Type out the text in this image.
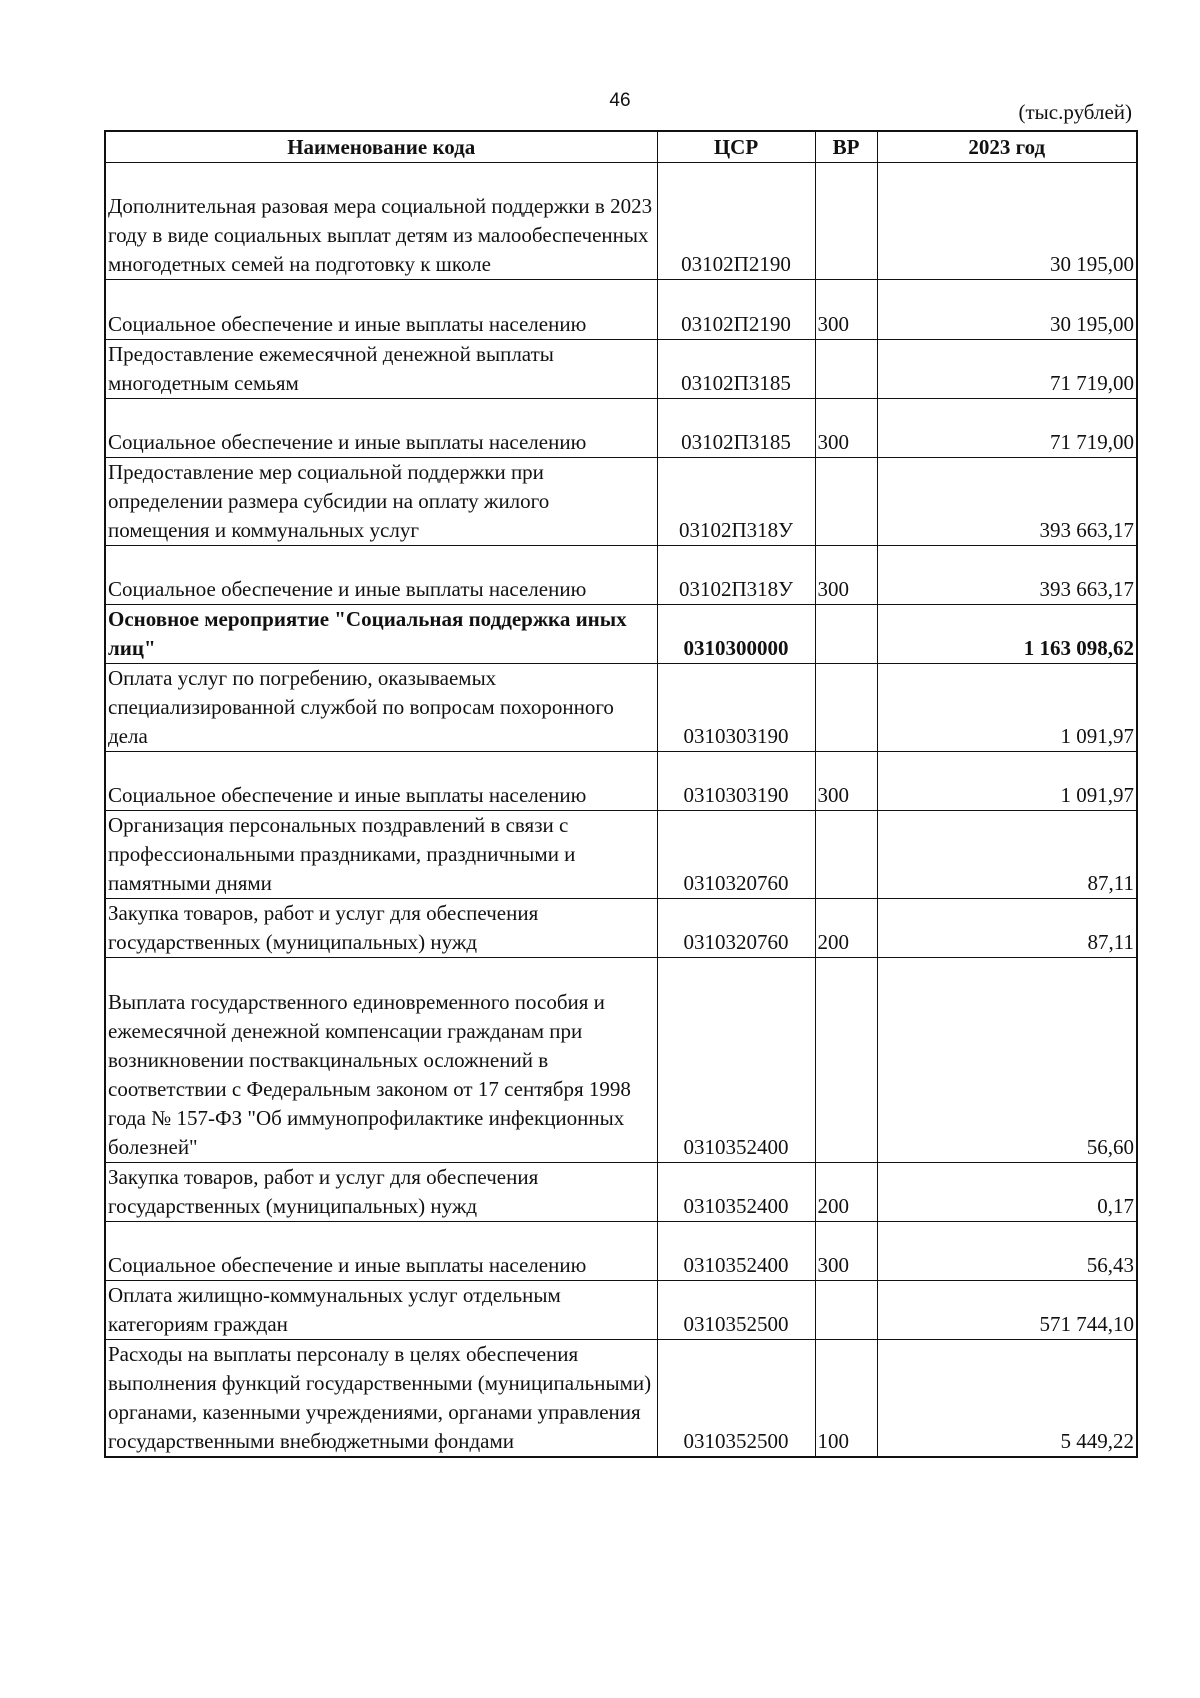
46	(тыс.рублей)
Наименование кода	ЦСР	ВР	2023 год
Дополнительная разовая мера социальной поддержки в 2023 году в виде социальных выплат детям из малообеспеченных многодетных семей на подготовку к школе	03102П2190		30 195,00
Социальное обеспечение и иные выплаты населению	03102П2190	300	30 195,00
Предоставление ежемесячной денежной выплаты многодетным семьям	03102П3185		71 719,00
Социальное обеспечение и иные выплаты населению	03102П3185	300	71 719,00
Предоставление мер социальной поддержки при определении размера субсидии на оплату жилого помещения и коммунальных услуг	03102П318У		393 663,17
Социальное обеспечение и иные выплаты населению	03102П318У	300	393 663,17
Основное мероприятие "Социальная поддержка иных лиц"	0310300000		1 163 098,62
Оплата услуг по погребению, оказываемых специализированной службой по вопросам похоронного дела	0310303190		1 091,97
Социальное обеспечение и иные выплаты населению	0310303190	300	1 091,97
Организация персональных поздравлений в связи с профессиональными праздниками, праздничными и памятными днями	0310320760		87,11
Закупка товаров, работ и услуг для обеспечения государственных (муниципальных) нужд	0310320760	200	87,11
Выплата государственного единовременного пособия и ежемесячной денежной компенсации гражданам при возникновении поствакцинальных осложнений в соответствии с Федеральным законом от 17 сентября 1998 года № 157-ФЗ "Об иммунопрофилактике инфекционных болезней"	0310352400		56,60
Закупка товаров, работ и услуг для обеспечения государственных (муниципальных) нужд	0310352400	200	0,17
Социальное обеспечение и иные выплаты населению	0310352400	300	56,43
Оплата жилищно-коммунальных услуг отдельным категориям граждан	0310352500		571 744,10
Расходы на выплаты персоналу в целях обеспечения выполнения функций государственными (муниципальными) органами, казенными учреждениями, органами управления государственными внебюджетными фондами	0310352500	100	5 449,22
